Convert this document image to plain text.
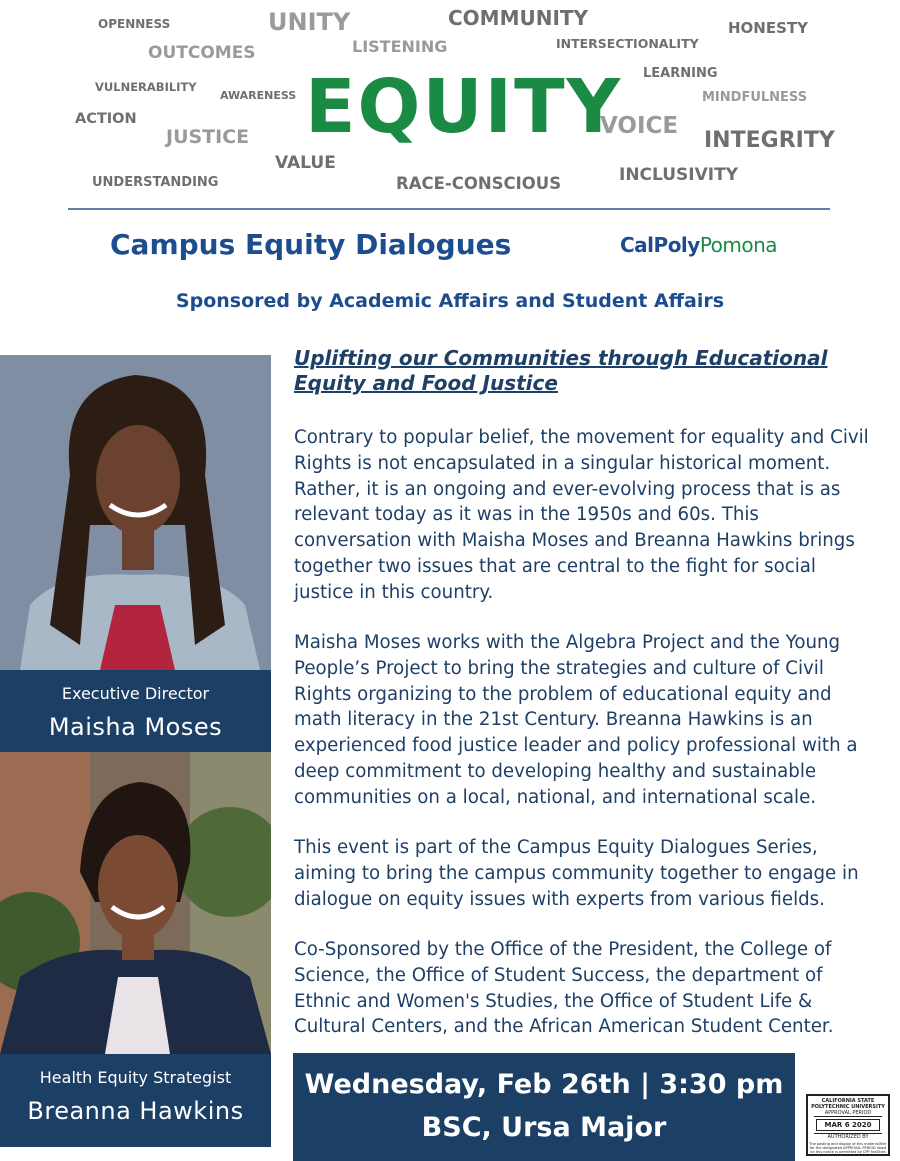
OPENNESS	UNITY	COMMUNITY	HONESTY
OUTCOMES	LISTENING	INTERSECTIONALITY
LEARNING
VULNERABILITY
AWARENESS	MINDFULNESS
ACTION	VOICE
JUSTICE	INTEGRITY
VALUE
INCLUSIVITY
UNDERSTANDING	RACE-CONSCIOUS
EQUITY
Campus Equity Dialogues	CalPolyPomona
Sponsored by Academic Affairs and Student Affairs
Executive Director
Maisha Moses
Health Equity Strategist
Breanna Hawkins
Uplifting our Communities through Educational Equity and Food Justice
Contrary to popular belief, the movement for equality and Civil Rights is not encapsulated in a singular historical moment. Rather, it is an ongoing and ever-evolving process that is as relevant today as it was in the 1950s and 60s. This conversation with Maisha Moses and Breanna Hawkins brings together two issues that are central to the fight for social justice in this country.
Maisha Moses works with the Algebra Project and the Young People’s Project to bring the strategies and culture of Civil Rights organizing to the problem of educational equity and math literacy in the 21st Century. Breanna Hawkins is an experienced food justice leader and policy professional with a deep commitment to developing healthy and sustainable communities on a local, national, and international scale.
This event is part of the Campus Equity Dialogues Series, aiming to bring the campus community together to engage in dialogue on equity issues with experts from various fields.
Co-Sponsored by the Office of the President, the College of Science, the Office of Student Success, the department of Ethnic and Women's Studies, the Office of Student Life & Cultural Centers, and the African American Student Center.
Wednesday, Feb 26th | 3:30 pm
BSC, Ursa Major
CALIFORNIA STATE POLYTECHNIC UNIVERSITY
APPROVAL PERIOD
MAR 6 2020
AUTHORIZED BY
The posting and display of this material/flier for the designated APPROVAL PERIOD listed on this notice is permitted by CPP Facilities
